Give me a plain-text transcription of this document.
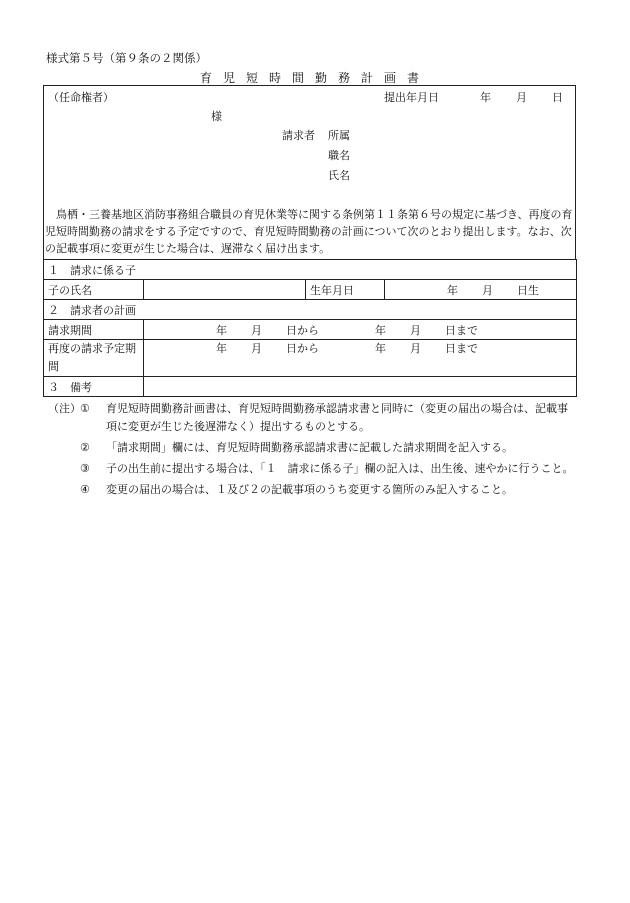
様式第５号（第９条の２関係）
育児短時間勤務計画書
（任命権者）	提出年月日	年 月 日
様
請求者 所属
職名
氏名
鳥栖・三養基地区消防事務組合職員の育児休業等に関する条例第１１条第６号の規定に基づき、再度の育児短時間勤務の請求をする予定ですので、育児短時間勤務の計画について次のとおり提出します。なお、次の記載事項に変更が生じた場合は、遅滞なく届け出ます。
１　請求に係る子			
子の氏名		生年月日	年 月 日生
２　請求者の計画			
請求期間	年 月 日から 年 月 日まで		
再度の請求予定期間	年 月 日から 年 月 日まで		
３　備考			
（注） ① 育児短時間勤務計画書は、育児短時間勤務承認請求書と同時に（変更の届出の場合は、記載事項に変更が生じた後遅滞なく）提出するものとする。
② 「請求期間」欄には、育児短時間勤務承認請求書に記載した請求期間を記入する。
③ 子の出生前に提出する場合は、「１　請求に係る子」欄の記入は、出生後、速やかに行うこと。
④ 変更の届出の場合は、１及び２の記載事項のうち変更する箇所のみ記入すること。
